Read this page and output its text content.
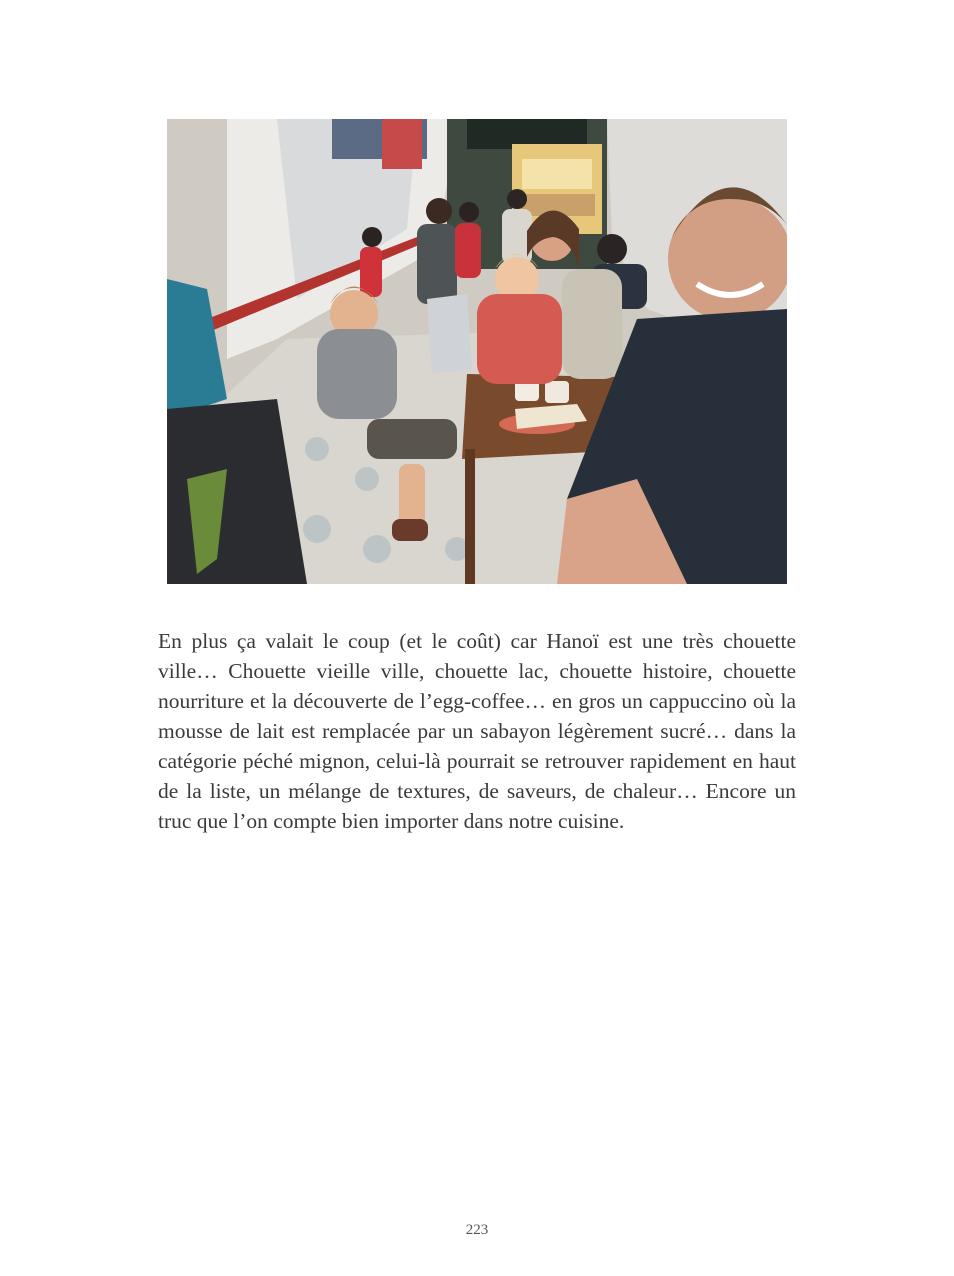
En plus ça valait le coup (et le coût) car Hanoï est une très chouette ville… Chouette vieille ville, chouette lac, chouette histoire, chouette nourriture et la découverte de l’egg-coffee… en gros un cappuccino où la mousse de lait est remplacée par un sabayon légèrement sucré… dans la catégorie péché mignon, celui-là pourrait se retrouver rapidement en haut de la liste, un mélange de textures, de saveurs, de chaleur… Encore un truc que l’on compte bien importer dans notre cuisine.

223
